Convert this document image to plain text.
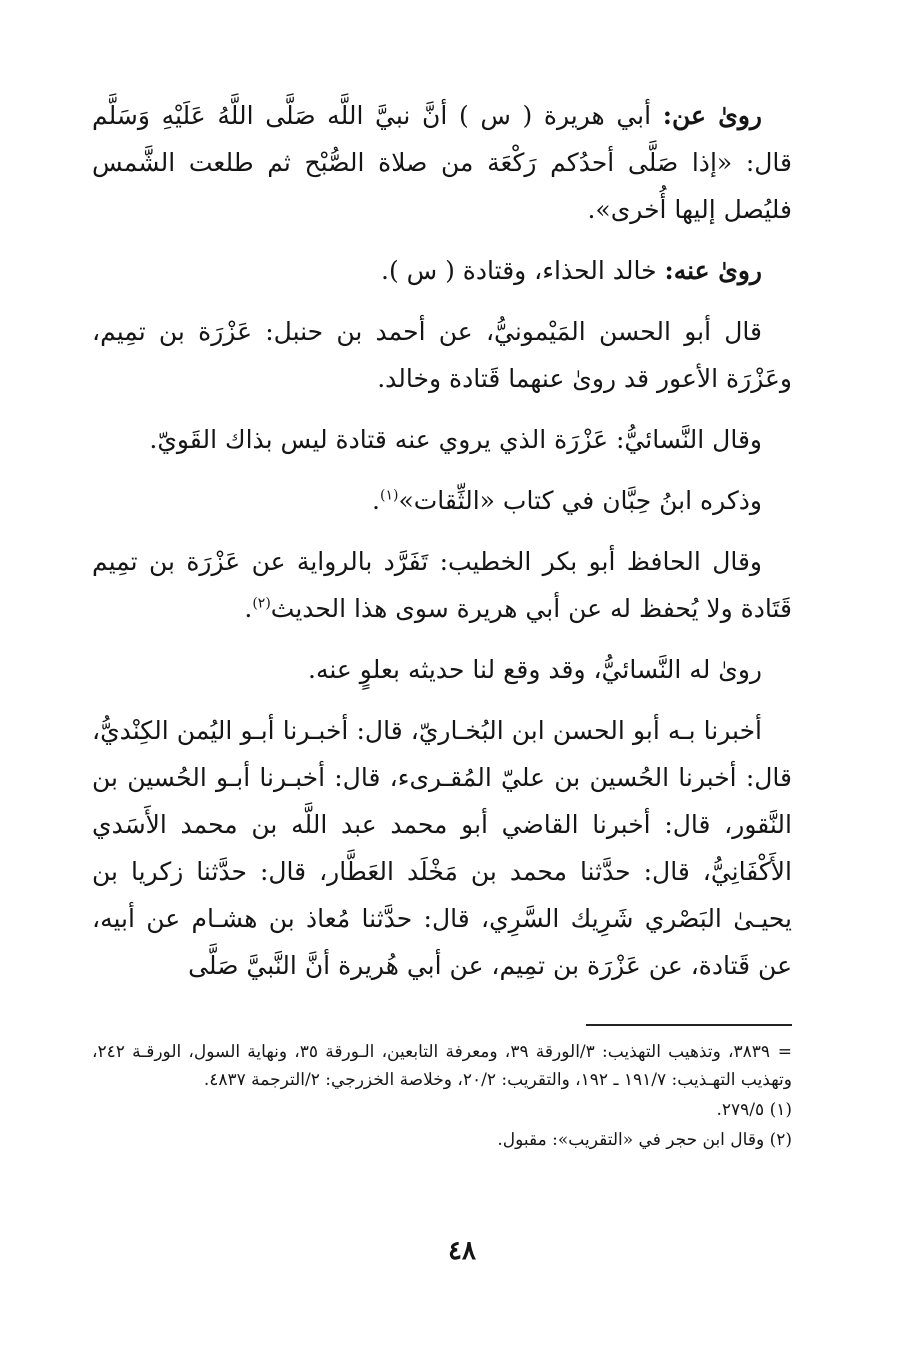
روىٰ عن: أبي هريرة ( س ) أنَّ نبيَّ اللَّه صَلَّى اللَّهُ عَلَيْهِ وَسَلَّم قال: «إذا صَلَّى أحدُكم رَكْعَة من صلاة الصُّبْح ثم طلعت الشَّمس فليُصل إليها أُخرى».

روىٰ عنه: خالد الحذاء، وقتادة ( س ).

قال أبو الحسن المَيْمونيُّ، عن أحمد بن حنبل: عَزْرَة بن تمِيم، وعَزْرَة الأعور قد روىٰ عنهما قَتادة وخالد.

وقال النَّسائيُّ: عَزْرَة الذي يروي عنه قتادة ليس بذاك القَويّ.

وذكره ابنُ حِبَّان في كتاب «الثِّقات»$^{(١)}$.

وقال الحافظ أبو بكر الخطيب: تَفَرَّد بالرواية عن عَزْرَة بن تمِيم قَتَادة ولا يُحفظ له عن أبي هريرة سوى هذا الحديث$^{(٢)}$.

روىٰ له النَّسائيُّ، وقد وقع لنا حديثه بعلوٍ عنه.

أخبرنا بـه أبو الحسن ابن البُخـاريّ، قال: أخبـرنا أبـو اليُمن الكِنْديُّ، قال: أخبرنا الحُسين بن عليّ المُقـرىء، قال: أخبـرنا أبـو الحُسين بن النَّقور، قال: أخبرنا القاضي أبو محمد عبد اللَّه بن محمد الأَسَدي الأَكْفَانِيُّ، قال: حدَّثنا محمد بن مَخْلَد العَطَّار، قال: حدَّثنا زكريا بن يحيـىٰ البَصْري شَرِيك السَّرِي، قال: حدَّثنا مُعاذ بن هشـام عن أبيه، عن قَتادة، عن عَزْرَة بن تمِيم، عن أبي هُريرة أنَّ النَّبيَّ صَلَّى

=٣٨٣٩، وتذهيب التهذيب: ٣/الورقة ٣٩، ومعرفة التابعين، الـورقة ٣٥، ونهاية السول، الورقـة ٢٤٢، وتهذيب التهـذيب: ١٩١/٧ ـ ١٩٢، والتقريب: ٢٠/٢، وخلاصة الخزرجي: ٢/الترجمة ٤٨٣٧.

(١) ٢٧٩/٥.

(٢) وقال ابن حجر في «التقريب»: مقبول.

٤٨
